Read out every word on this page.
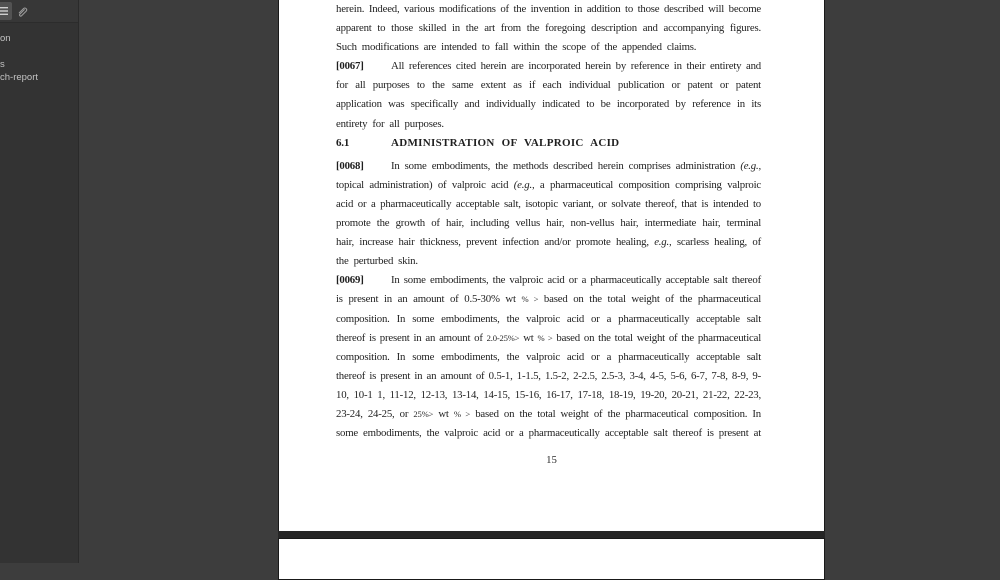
on
s
ch-report
herein. Indeed, various modifications of the invention in addition to those described will become
apparent to those skilled in the art from the foregoing description and accompanying figures.
Such modifications are intended to fall within the scope of the appended claims.
[0067]	All references cited herein are incorporated herein by reference in their entirety and
for all purposes to the same extent as if each individual publication or patent or patent
application was specifically and individually indicated to be incorporated by reference in its
entirety for all purposes.
6.1	ADMINISTRATION OF VALPROIC ACID
[0068]	In some embodiments, the methods described herein comprises administration (e.g.,
topical administration) of valproic acid (e.g., a pharmaceutical composition comprising valproic
acid or a pharmaceutically acceptable salt, isotopic variant, or solvate thereof, that is intended to
promote the growth of hair, including vellus hair, non-vellus hair, intermediate hair, terminal
hair, increase hair thickness, prevent infection and/or promote healing, e.g., scarless healing, of
the perturbed skin.
[0069]	In some embodiments, the valproic acid or a pharmaceutically acceptable salt thereof
is present in an amount of 0.5-30% wt % > based on the total weight of the pharmaceutical
composition. In some embodiments, the valproic acid or a pharmaceutically acceptable salt
thereof is present in an amount of 2.0-25%> wt % > based on the total weight of the pharmaceutical
composition. In some embodiments, the valproic acid or a pharmaceutically acceptable salt
thereof is present in an amount of 0.5-1, 1-1.5, 1.5-2, 2-2.5, 2.5-3, 3-4, 4-5, 5-6, 6-7, 7-8, 8-9, 9-
10, 10-1 1, 11-12, 12-13, 13-14, 14-15, 15-16, 16-17, 17-18, 18-19, 19-20, 20-21, 21-22, 22-23,
23-24, 24-25, or 25%> wt % > based on the total weight of the pharmaceutical composition. In
some embodiments, the valproic acid or a pharmaceutically acceptable salt thereof is present at
15
